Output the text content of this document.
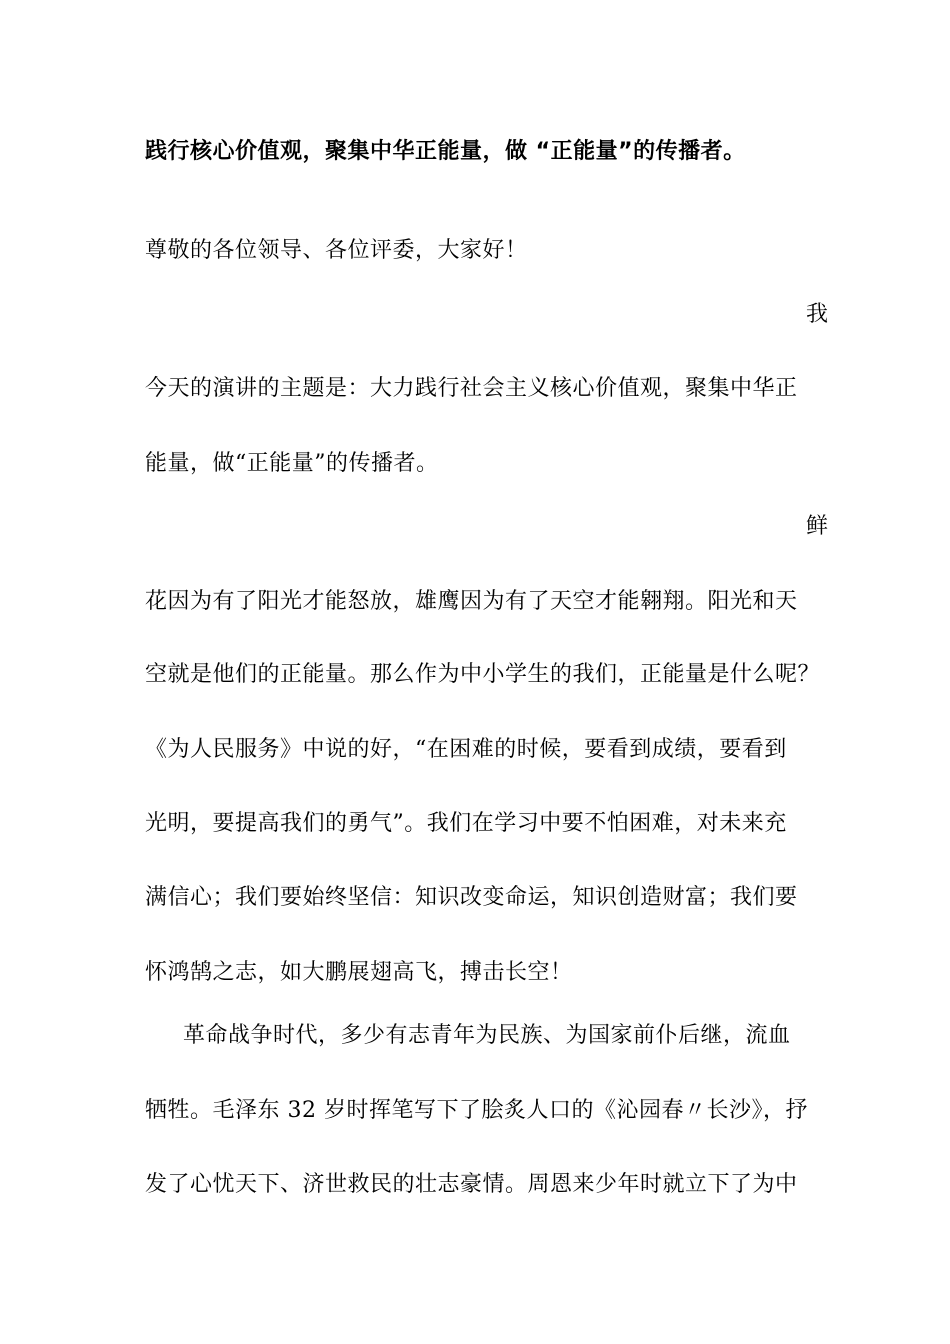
践行核心价值观，聚集中华正能量，做 “正能量”的传播者。
尊敬的各位领导、各位评委，大家好！
我
今天的演讲的主题是：大力践行社会主义核心价值观，聚集中华正
能量，做“正能量”的传播者。
鲜
花因为有了阳光才能怒放，雄鹰因为有了天空才能翱翔。阳光和天
空就是他们的正能量。那么作为中小学生的我们，正能量是什么呢？
《为人民服务》中说的好，“在困难的时候，要看到成绩，要看到
光明，要提高我们的勇气”。我们在学习中要不怕困难，对未来充
满信心；我们要始终坚信：知识改变命运，知识创造财富；我们要
怀鸿鹄之志，如大鹏展翅高飞，搏击长空！
革命战争时代，多少有志青年为民族、为国家前仆后继，流血
牺牲。毛泽东 32 岁时挥笔写下了脍炙人口的《沁园春〃长沙》，抒
发了心忧天下、济世救民的壮志豪情。周恩来少年时就立下了为中
